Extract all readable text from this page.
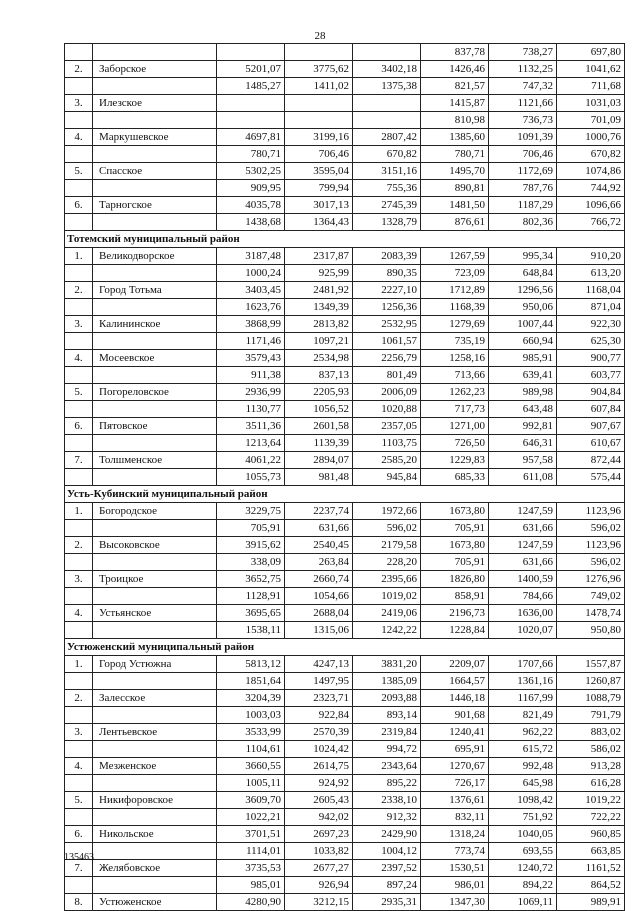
28
					837,78	738,27	697,80
2.	Заборское	5201,07	3775,62	3402,18	1426,46	1132,25	1041,62
		1485,27	1411,02	1375,38	821,57	747,32	711,68
3.	Илезское				1415,87	1121,66	1031,03
					810,98	736,73	701,09
4.	Маркушевское	4697,81	3199,16	2807,42	1385,60	1091,39	1000,76
		780,71	706,46	670,82	780,71	706,46	670,82
5.	Спасское	5302,25	3595,04	3151,16	1495,70	1172,69	1074,86
		909,95	799,94	755,36	890,81	787,76	744,92
6.	Тарногское	4035,78	3017,13	2745,39	1481,50	1187,29	1096,66
		1438,68	1364,43	1328,79	876,61	802,36	766,72
Тотемский муниципальный район							
1.	Великодворское	3187,48	2317,87	2083,39	1267,59	995,34	910,20
		1000,24	925,99	890,35	723,09	648,84	613,20
2.	Город Тотьма	3403,45	2481,92	2227,10	1712,89	1296,56	1168,04
		1623,76	1349,39	1256,36	1168,39	950,06	871,04
3.	Калининское	3868,99	2813,82	2532,95	1279,69	1007,44	922,30
		1171,46	1097,21	1061,57	735,19	660,94	625,30
4.	Мосеевское	3579,43	2534,98	2256,79	1258,16	985,91	900,77
		911,38	837,13	801,49	713,66	639,41	603,77
5.	Погореловское	2936,99	2205,93	2006,09	1262,23	989,98	904,84
		1130,77	1056,52	1020,88	717,73	643,48	607,84
6.	Пятовское	3511,36	2601,58	2357,05	1271,00	992,81	907,67
		1213,64	1139,39	1103,75	726,50	646,31	610,67
7.	Толшменское	4061,22	2894,07	2585,20	1229,83	957,58	872,44
		1055,73	981,48	945,84	685,33	611,08	575,44
Усть-Кубинский муниципальный район							
1.	Богородское	3229,75	2237,74	1972,66	1673,80	1247,59	1123,96
		705,91	631,66	596,02	705,91	631,66	596,02
2.	Высоковское	3915,62	2540,45	2179,58	1673,80	1247,59	1123,96
		338,09	263,84	228,20	705,91	631,66	596,02
3.	Троицкое	3652,75	2660,74	2395,66	1826,80	1400,59	1276,96
		1128,91	1054,66	1019,02	858,91	784,66	749,02
4.	Устьянское	3695,65	2688,04	2419,06	2196,73	1636,00	1478,74
		1538,11	1315,06	1242,22	1228,84	1020,07	950,80
Устюженский муниципальный район							
1.	Город Устюжна	5813,12	4247,13	3831,20	2209,07	1707,66	1557,87
		1851,64	1497,95	1385,09	1664,57	1361,16	1260,87
2.	Залесское	3204,39	2323,71	2093,88	1446,18	1167,99	1088,79
		1003,03	922,84	893,14	901,68	821,49	791,79
3.	Лентьевское	3533,99	2570,39	2319,84	1240,41	962,22	883,02
		1104,61	1024,42	994,72	695,91	615,72	586,02
4.	Мезженское	3660,55	2614,75	2343,64	1270,67	992,48	913,28
		1005,11	924,92	895,22	726,17	645,98	616,28
5.	Никифоровское	3609,70	2605,43	2338,10	1376,61	1098,42	1019,22
		1022,21	942,02	912,32	832,11	751,92	722,22
6.	Никольское	3701,51	2697,23	2429,90	1318,24	1040,05	960,85
		1114,01	1033,82	1004,12	773,74	693,55	663,85
7.	Желябовское	3735,53	2677,27	2397,52	1530,51	1240,72	1161,52
		985,01	926,94	897,24	986,01	894,22	864,52
8.	Устюженское	4280,90	3212,15	2935,31	1347,30	1069,11	989,91
135463
